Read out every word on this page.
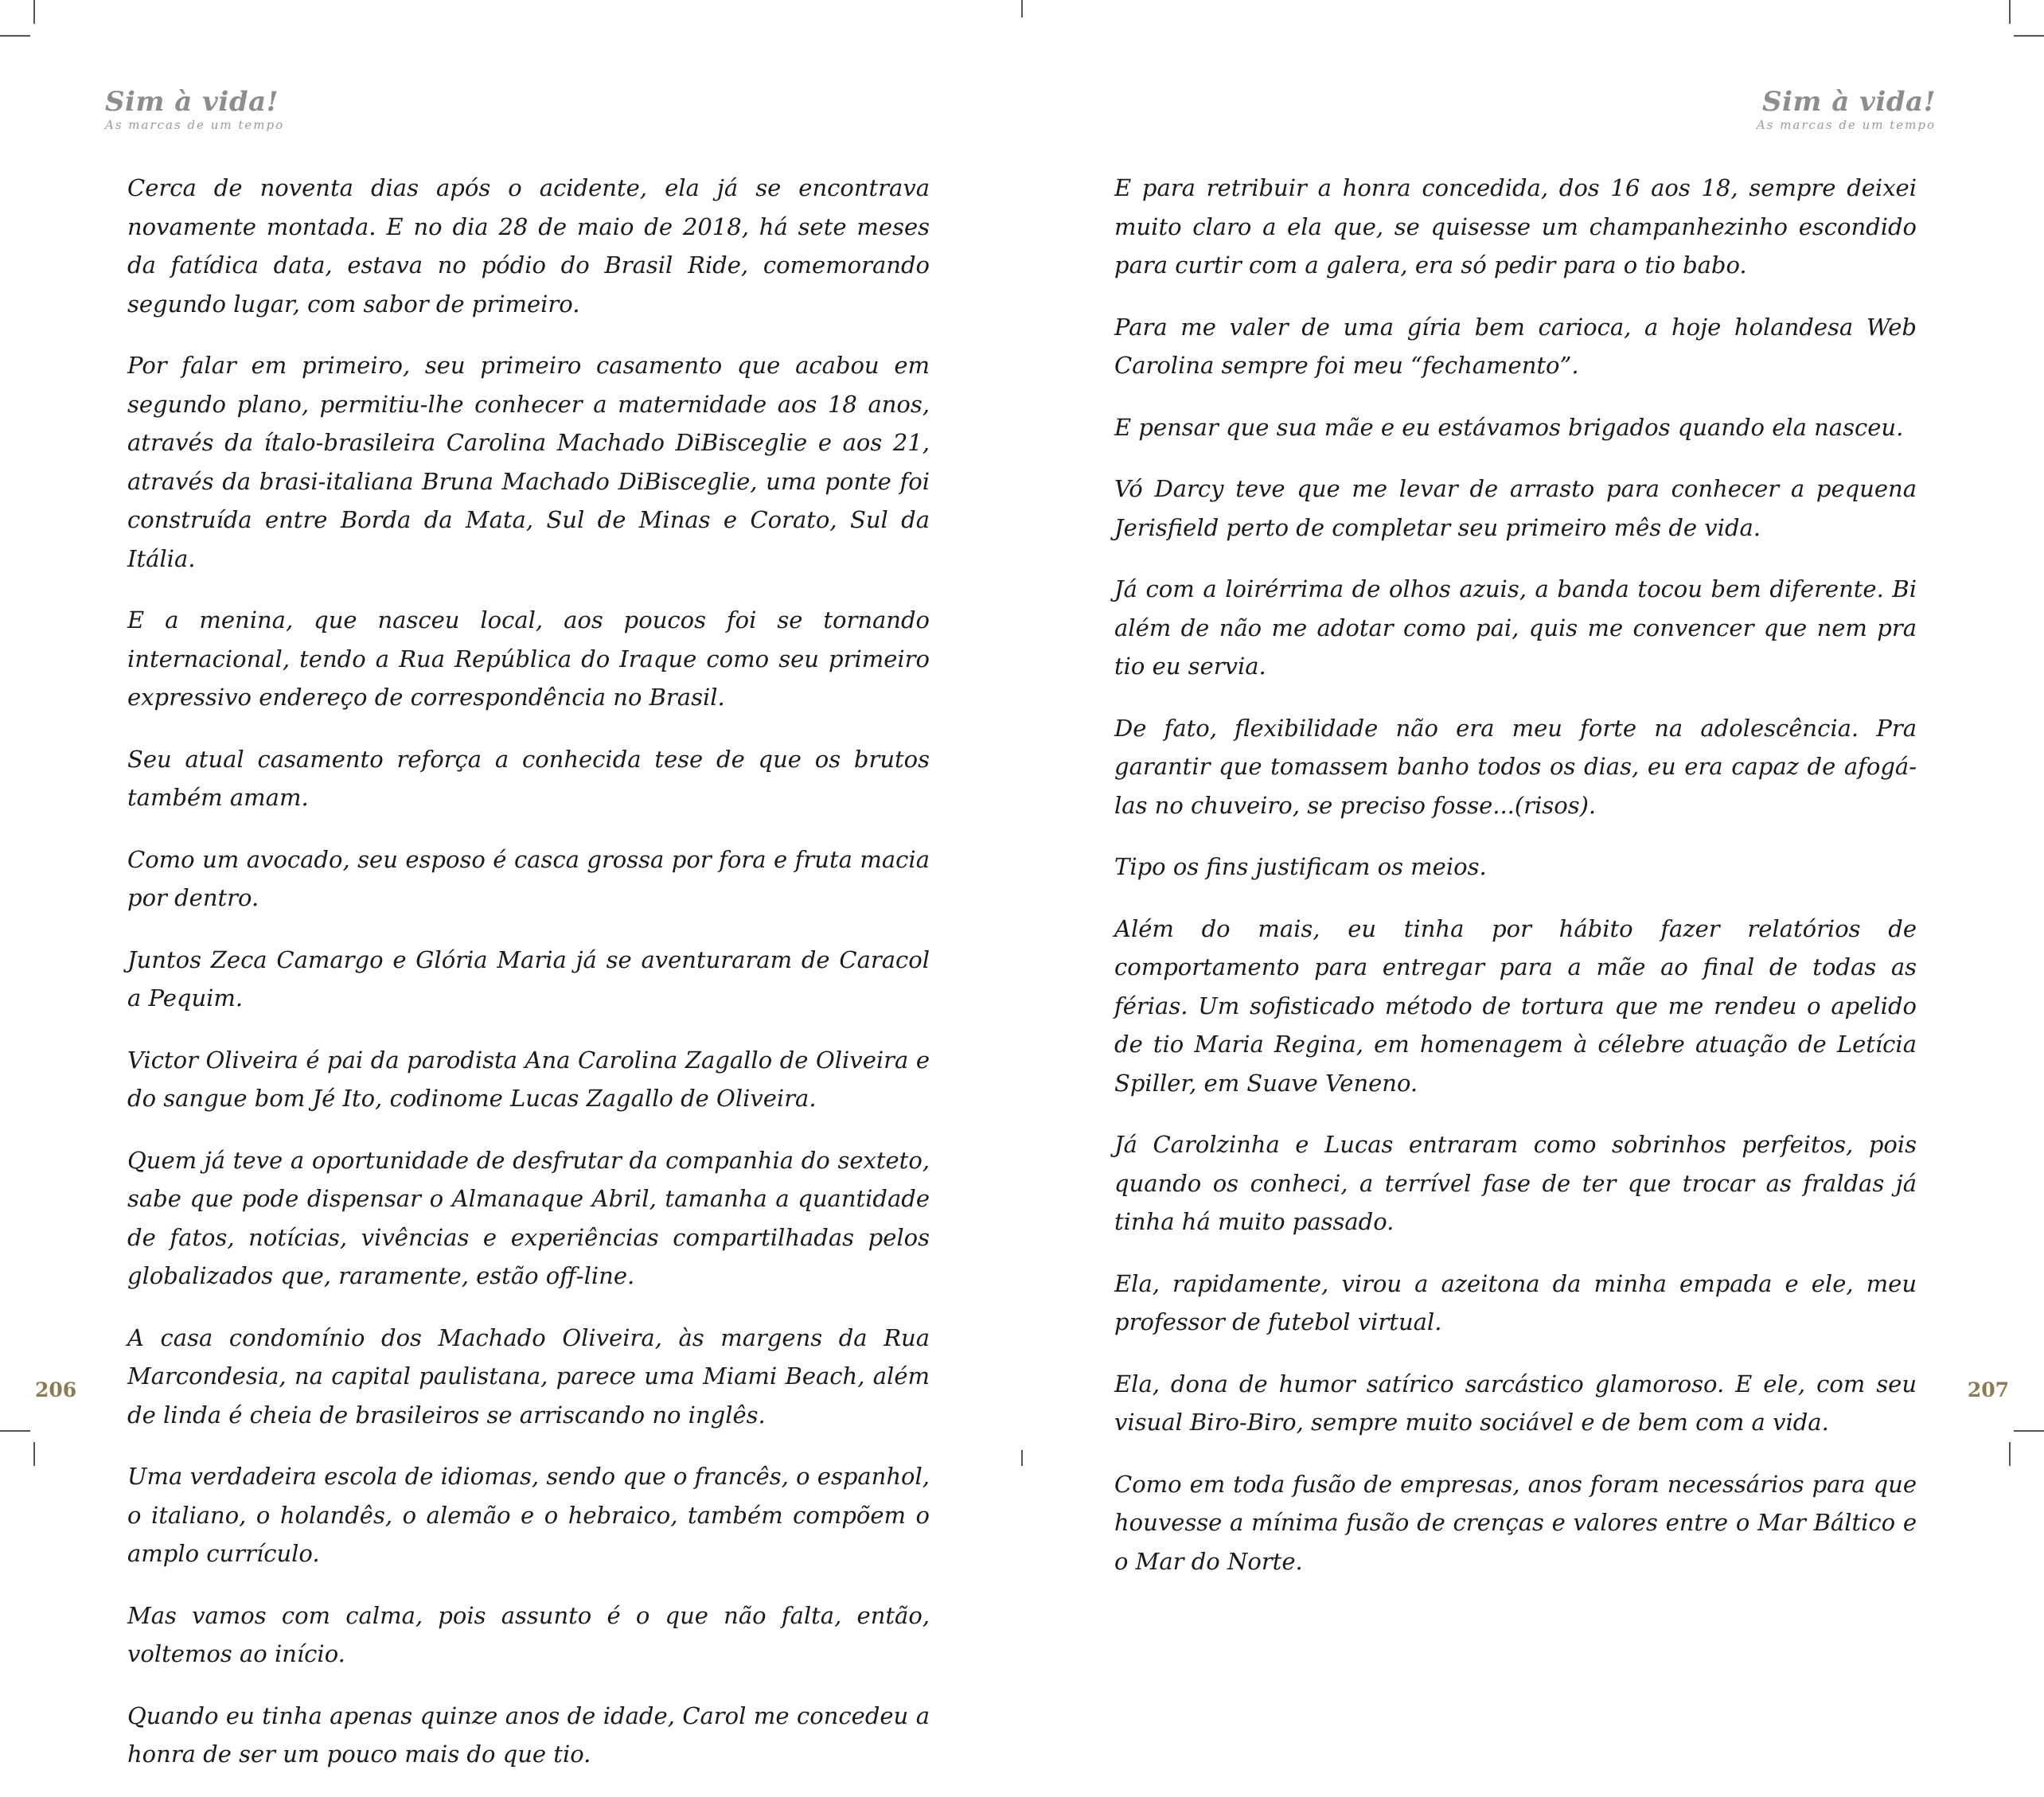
Sim à vida!
As marcas de um tempo

Cerca de noventa dias após o acidente, ela já se encontrava novamente montada. E no dia 28 de maio de 2018, há sete meses da fatídica data, estava no pódio do Brasil Ride, comemorando segundo lugar, com sabor de primeiro.

Por falar em primeiro, seu primeiro casamento que acabou em segundo plano, permitiu-lhe conhecer a maternidade aos 18 anos, através da ítalo-brasileira Carolina Machado DiBisceglie e aos 21, através da brasi-italiana Bruna Machado DiBisceglie, uma ponte foi construída entre Borda da Mata, Sul de Minas e Corato, Sul da Itália.

E a menina, que nasceu local, aos poucos foi se tornando internacional, tendo a Rua República do Iraque como seu primeiro expressivo endereço de correspondência no Brasil.

Seu atual casamento reforça a conhecida tese de que os brutos também amam.

Como um avocado, seu esposo é casca grossa por fora e fruta macia por dentro.

Juntos Zeca Camargo e Glória Maria já se aventuraram de Caracol a Pequim.

Victor Oliveira é pai da parodista Ana Carolina Zagallo de Oliveira e do sangue bom Jé Ito, codinome Lucas Zagallo de Oliveira.

Quem já teve a oportunidade de desfrutar da companhia do sexteto, sabe que pode dispensar o Almanaque Abril, tamanha a quantidade de fatos, notícias, vivências e experiências compartilhadas pelos globalizados que, raramente, estão off-line.

A casa condomínio dos Machado Oliveira, às margens da Rua Marcondesia, na capital paulistana, parece uma Miami Beach, além de linda é cheia de brasileiros se arriscando no inglês.

Uma verdadeira escola de idiomas, sendo que o francês, o espanhol, o italiano, o holandês, o alemão e o hebraico, também compõem o amplo currículo.

Mas vamos com calma, pois assunto é o que não falta, então, voltemos ao início.

Quando eu tinha apenas quinze anos de idade, Carol me concedeu a honra de ser um pouco mais do que tio.

206
Sim à vida!
As marcas de um tempo

E para retribuir a honra concedida, dos 16 aos 18, sempre deixei muito claro a ela que, se quisesse um champanhezinho escondido para curtir com a galera, era só pedir para o tio babo.

Para me valer de uma gíria bem carioca, a hoje holandesa Web Carolina sempre foi meu “fechamento”.

E pensar que sua mãe e eu estávamos brigados quando ela nasceu.

Vó Darcy teve que me levar de arrasto para conhecer a pequena Jerisfield perto de completar seu primeiro mês de vida.

Já com a loirérrima de olhos azuis, a banda tocou bem diferente. Bi além de não me adotar como pai, quis me convencer que nem pra tio eu servia.

De fato, flexibilidade não era meu forte na adolescência. Pra garantir que tomassem banho todos os dias, eu era capaz de afogá-las no chuveiro, se preciso fosse...(risos).

Tipo os fins justificam os meios.

Além do mais, eu tinha por hábito fazer relatórios de comportamento para entregar para a mãe ao final de todas as férias. Um sofisticado método de tortura que me rendeu o apelido de tio Maria Regina, em homenagem à célebre atuação de Letícia Spiller, em Suave Veneno.

Já Carolzinha e Lucas entraram como sobrinhos perfeitos, pois quando os conheci, a terrível fase de ter que trocar as fraldas já tinha há muito passado.

Ela, rapidamente, virou a azeitona da minha empada e ele, meu professor de futebol virtual.

Ela, dona de humor satírico sarcástico glamoroso. E ele, com seu visual Biro-Biro, sempre muito sociável e de bem com a vida.

Como em toda fusão de empresas, anos foram necessários para que houvesse a mínima fusão de crenças e valores entre o Mar Báltico e o Mar do Norte.

207
